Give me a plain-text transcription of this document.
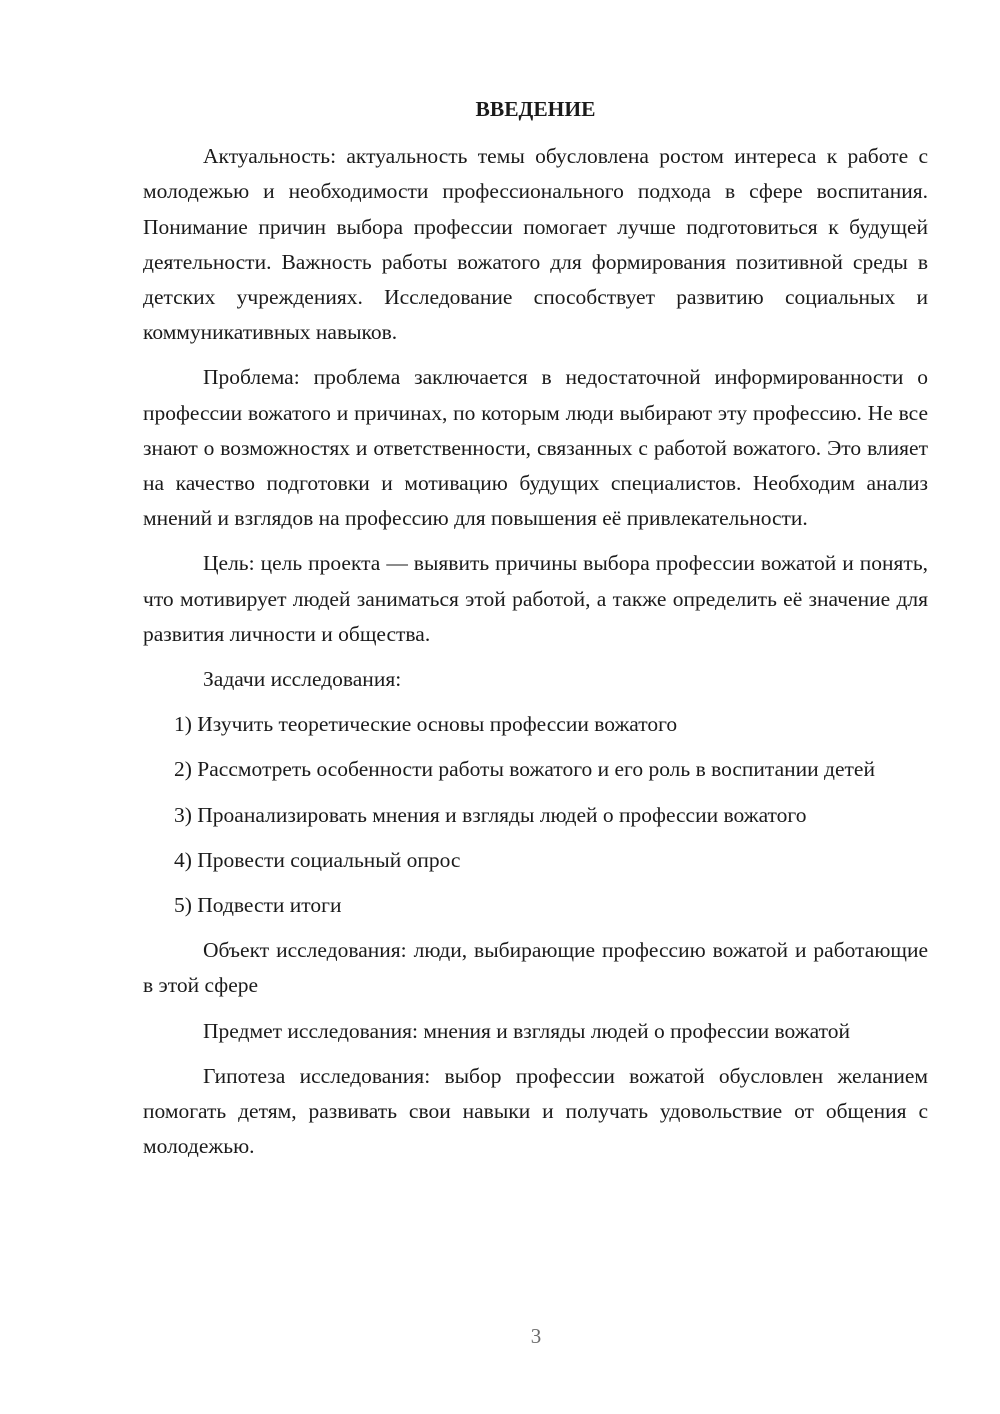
ВВЕДЕНИЕ

Актуальность: актуальность темы обусловлена ростом интереса к работе с молодежью и необходимости профессионального подхода в сфере воспитания. Понимание причин выбора профессии помогает лучше подготовиться к будущей деятельности. Важность работы вожатого для формирования позитивной среды в детских учреждениях. Исследование способствует развитию социальных и коммуникативных навыков.

Проблема: проблема заключается в недостаточной информированности о профессии вожатого и причинах, по которым люди выбирают эту профессию. Не все знают о возможностях и ответственности, связанных с работой вожатого. Это влияет на качество подготовки и мотивацию будущих специалистов. Необходим анализ мнений и взглядов на профессию для повышения её привлекательности.

Цель: цель проекта — выявить причины выбора профессии вожатой и понять, что мотивирует людей заниматься этой работой, а также определить её значение для развития личности и общества.

Задачи исследования:

1) Изучить теоретические основы профессии вожатого

2) Рассмотреть особенности работы вожатого и его роль в воспитании детей

3) Проанализировать мнения и взгляды людей о профессии вожатого

4) Провести социальный опрос

5) Подвести итоги

Объект исследования: люди, выбирающие профессию вожатой и работающие в этой сфере

Предмет исследования: мнения и взгляды людей о профессии вожатой

Гипотеза исследования: выбор профессии вожатой обусловлен желанием помогать детям, развивать свои навыки и получать удовольствие от общения с молодежью.

3
